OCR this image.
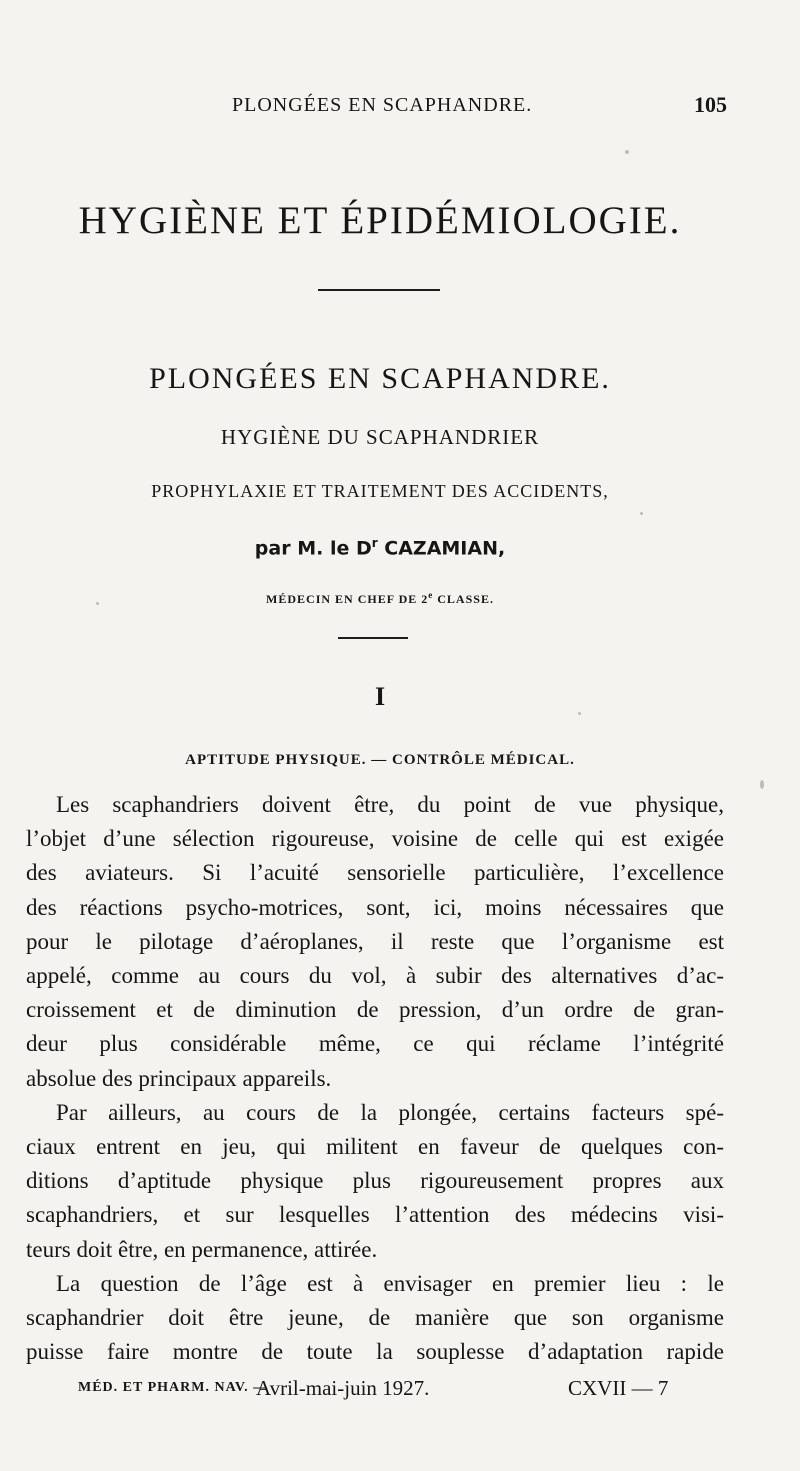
PLONGÉES EN SCAPHANDRE.	105
HYGIÈNE ET ÉPIDÉMIOLOGIE.
PLONGÉES EN SCAPHANDRE.
HYGIÈNE DU SCAPHANDRIER
PROPHYLAXIE ET TRAITEMENT DES ACCIDENTS,
par M. le $D^r$ CAZAMIAN,
MÉDECIN EN CHEF DE 2e CLASSE.
I
APTITUDE PHYSIQUE. — CONTRÔLE MÉDICAL.

Les scaphandriers doivent être, du point de vue physique,
l’objet d’une sélection rigoureuse, voisine de celle qui est exigée
des aviateurs. Si l’acuité sensorielle particulière, l’excellence
des réactions psycho-motrices, sont, ici, moins nécessaires que
pour le pilotage d’aéroplanes, il reste que l’organisme est
appelé, comme au cours du vol, à subir des alternatives d’ac-
croissement et de diminution de pression, d’un ordre de gran-
deur plus considérable même, ce qui réclame l’intégrité
absolue des principaux appareils.

Par ailleurs, au cours de la plongée, certains facteurs spé-
ciaux entrent en jeu, qui militent en faveur de quelques con-
ditions d’aptitude physique plus rigoureusement propres aux
scaphandriers, et sur lesquelles l’attention des médecins visi-
teurs doit être, en permanence, attirée.

La question de l’âge est à envisager en premier lieu : le
scaphandrier doit être jeune, de manière que son organisme
puisse faire montre de toute la souplesse d’adaptation rapide

MÉD. ET PHARM. NAV. —
Avril-mai-juin 1927.	CXVII — 7
